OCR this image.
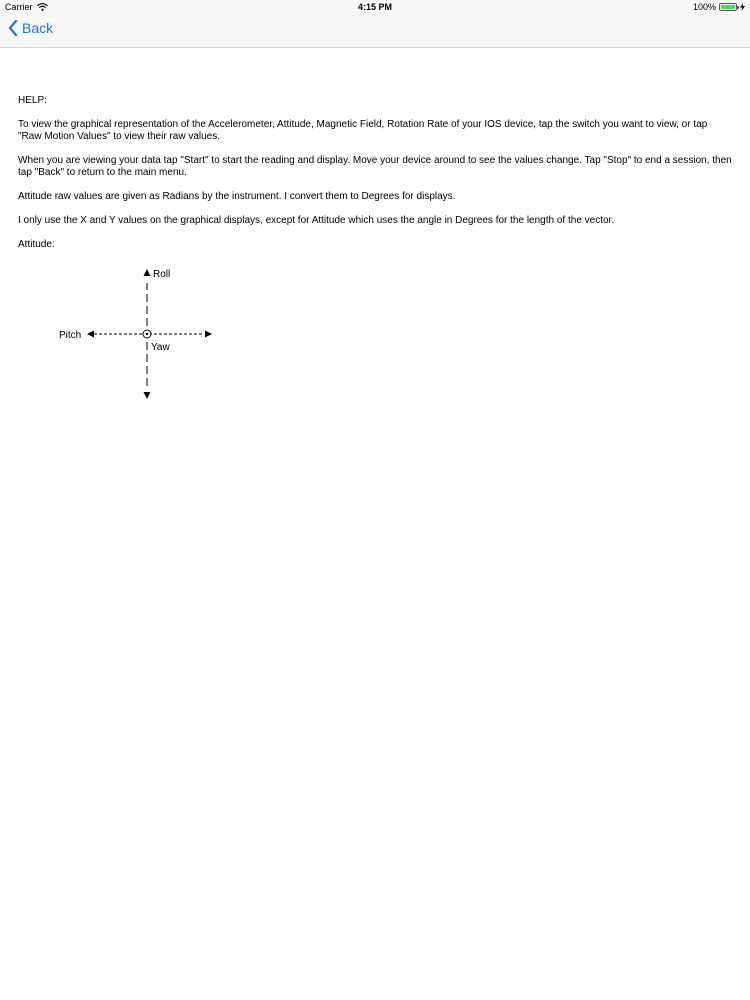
Carrier	4:15 PM	100%
Back

HELP:

To view the graphical representation of the Accelerometer, Attitude, Magnetic Field, Rotation Rate of your IOS device, tap the switch you want to view, or tap "Raw Motion Values" to view their raw values.

When you are viewing your data tap "Start" to start the reading and display. Move your device around to see the values change. Tap "Stop" to end a session, then tap "Back" to return to the main menu.

Attitude raw values are given as Radians by the instrument. I convert them to Degrees for displays.

I only use the X and Y values on the graphical displays, except for Attitude which uses the angle in Degrees for the length of the vector.

Attitude:

Roll
Pitch
Yaw
